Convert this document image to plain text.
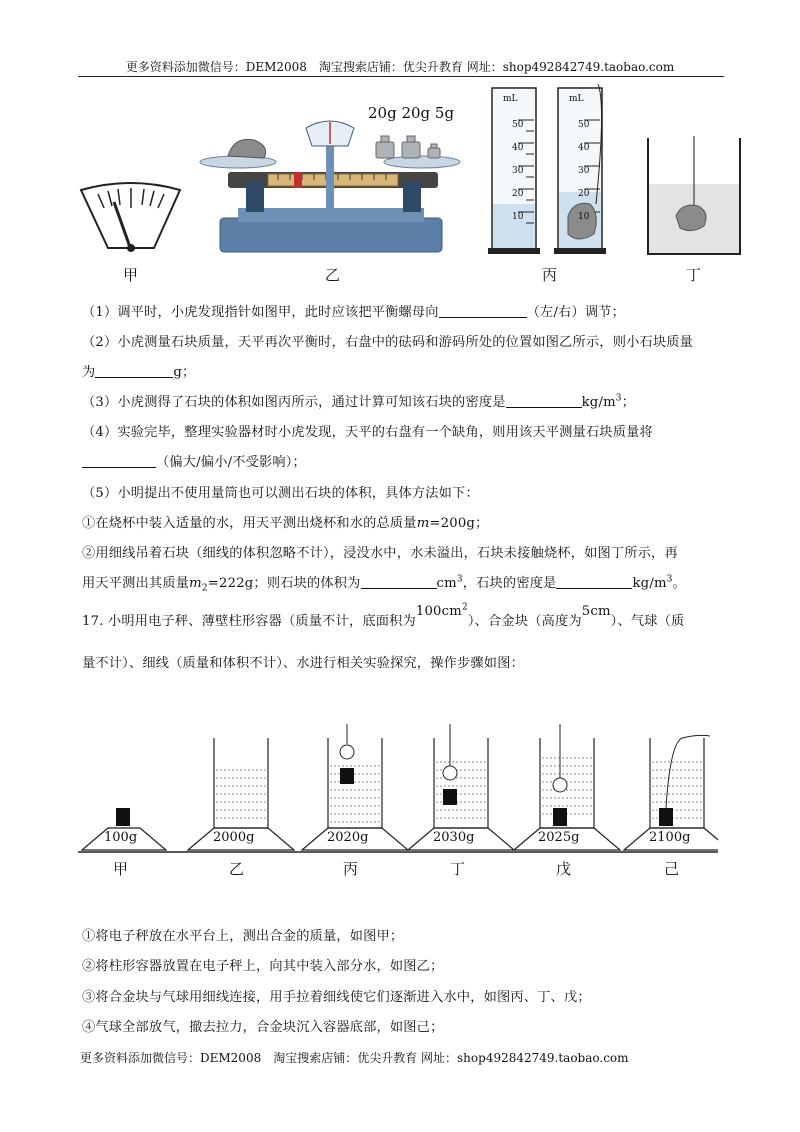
更多资料添加微信号：DEM2008　淘宝搜索店铺：优尖升教育 网址：shop492842749.taobao.com
20g 20g 5g
mL	mL
50
40
30
20
10
50
40
30
20
10
甲	乙	丙	丁
（1）调平时，小虎发现指针如图甲，此时应该把平衡螺母向	（左/右）调节；
（2）小虎测量石块质量，天平再次平衡时，右盘中的砝码和游码所处的位置如图乙所示，则小石块质量
为	g；
（3）小虎测得了石块的体积如图丙所示，通过计算可知该石块的密度是	$kg/m^3$；
（4）实验完毕，整理实验器材时小虎发现，天平的右盘有一个缺角，则用该天平测量石块质量将
（偏大/偏小/不受影响）；
（5）小明提出不使用量筒也可以测出石块的体积，具体方法如下：
①在烧杯中装入适量的水，用天平测出烧杯和水的总质量m=200g；
②用细线吊着石块（细线的体积忽略不计），浸没水中，水未溢出，石块未接触烧杯，如图丁所示，再
用天平测出其质量$m_2=222g$；则石块的体积为	$cm^3$，石块的密度是	$kg/m^3$。
17. 小明用电子秤、薄壁柱形容器（质量不计，底面积为$100cm^2$）、合金块（高度为5cm）、气球（质
量不计）、细线（质量和体积不计）、水进行相关实验探究，操作步骤如图：
100g	2000g	2020g	2030g	2025g	2100g
甲	乙	丙	丁	戊	己
①将电子秤放在水平台上，测出合金的质量，如图甲；
②将柱形容器放置在电子秤上，向其中装入部分水，如图乙；
③将合金块与气球用细线连接，用手拉着细线使它们逐渐进入水中，如图丙、丁、戊；
④气球全部放气，撤去拉力，合金块沉入容器底部，如图己；
更多资料添加微信号：DEM2008　淘宝搜索店铺：优尖升教育 网址：shop492842749.taobao.com
